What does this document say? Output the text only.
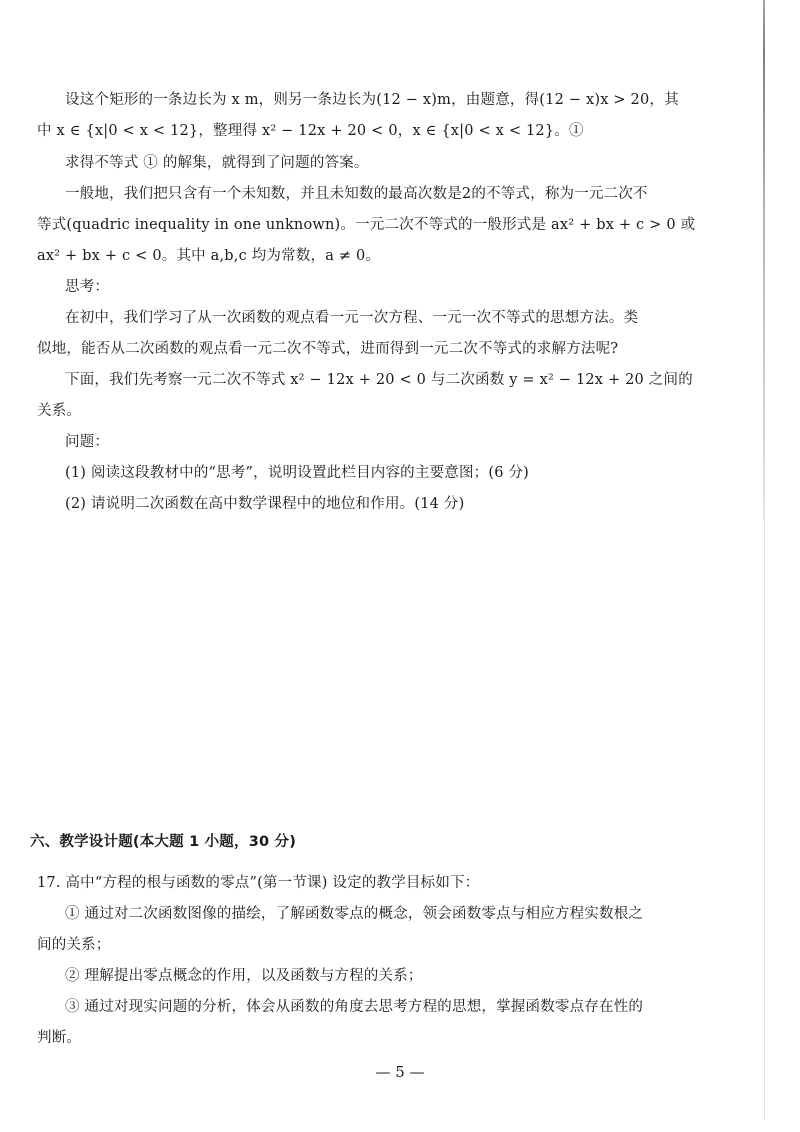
设这个矩形的一条边长为 x m，则另一条边长为(12 − x)m，由题意，得(12 − x)x > 20，其
中 x ∈ {x|0 < x < 12}，整理得 x² − 12x + 20 < 0，x ∈ {x|0 < x < 12}。①
求得不等式 ① 的解集，就得到了问题的答案。
一般地，我们把只含有一个未知数，并且未知数的最高次数是2的不等式，称为一元二次不
等式(quadric inequality in one unknown)。一元二次不等式的一般形式是 ax² + bx + c > 0 或
ax² + bx + c < 0。其中 a,b,c 均为常数，a ≠ 0。
思考：
在初中，我们学习了从一次函数的观点看一元一次方程、一元一次不等式的思想方法。类
似地，能否从二次函数的观点看一元二次不等式，进而得到一元二次不等式的求解方法呢?
下面，我们先考察一元二次不等式 x² − 12x + 20 < 0 与二次函数 y = x² − 12x + 20 之间的
关系。
问题：
(1) 阅读这段教材中的“思考”，说明设置此栏目内容的主要意图；(6 分)
(2) 请说明二次函数在高中数学课程中的地位和作用。(14 分)
六、教学设计题(本大题 1 小题，30 分)
17. 高中“方程的根与函数的零点”(第一节课) 设定的教学目标如下：
① 通过对二次函数图像的描绘，了解函数零点的概念，领会函数零点与相应方程实数根之
间的关系；
② 理解提出零点概念的作用，以及函数与方程的关系；
③ 通过对现实问题的分析，体会从函数的角度去思考方程的思想，掌握函数零点存在性的
判断。
— 5 —
